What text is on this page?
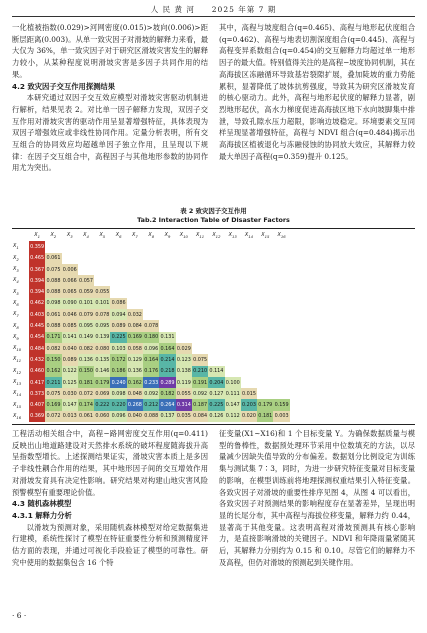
人 民 黄 河 2025 年第 7 期

一化植被指数(0.029)>河网密度(0.015)>坡向(0.006)>距断层距离(0.003)。从单一致灾因子对滑坡的解释力来看，最大仅为 36%，单一致灾因子对于研究区滑坡灾害发生的解释力较小，从某种程度说明滑坡灾害是多因子共同作用的结果。

4.2 致灾因子交互作用探测结果

本研究通过双因子交互效应模型对滑坡灾害驱动机制进行解析，结果见表 2。对比单一因子解释力发现，双因子交互作用对滑坡灾害的驱动作用呈显著增强特征，具体表现为双因子增强效应或非线性协同作用。定量分析表明，所有交互组合的协同效应均超越单因子独立作用，且呈现以下规律：在因子交互组合中，高程因子与其他地形参数的协同作用尤为突出。

其中，高程与坡度组合(q=0.465)、高程与地形起伏度组合(q=0.462)、高程与地表切割深度组合(q=0.445)、高程与高程变异系数组合(q=0.454)的交互解释力均超过单一地形因子的最大值。特别值得关注的是高程−坡度协同机制，其在高海拔区冻融循环导致基岩裂隙扩展，叠加陡坡的重力势能累积，显著降低了坡体抗剪强度，导致其为研究区滑坡发育的核心驱动力。此外，高程与地形起伏度的解释力显著，剧烈地形起伏，高水力梯度促进高海拔区地下水向坡脚集中排泄，导致孔隙水压力超限，影响边坡稳定。环境要素交互同样呈现显著增强特征，高程与 NDVI 组合(q=0.484)揭示出高海拔区植被退化与冻融侵蚀的协同放大效应，其解释力较最大单因子高程(q=0.359)提升 0.125。

表 2 致灾因子交互作用
Tab.2 Interaction Table of Disaster Factors
	$X_1$	$X_2$	$X_3$	$X_4$	$X_5$	$X_6$	$X_7$	$X_8$	$X_9$	$X_{10}$	$X_{11}$	$X_{12}$	$X_{13}$	$X_{14}$	$X_{15}$	$X_{16}$
$X_1$	0.359															
$X_2$	0.465	0.061														
$X_3$	0.367	0.075	0.006													
$X_4$	0.394	0.088	0.066	0.057												
$X_5$	0.394	0.088	0.065	0.059	0.055											
$X_6$	0.462	0.098	0.090	0.101	0.101	0.086										
$X_7$	0.403	0.061	0.046	0.079	0.078	0.094	0.032									
$X_8$	0.445	0.088	0.085	0.095	0.095	0.089	0.084	0.078								
$X_9$	0.454	0.171	0.141	0.149	0.139	0.225	0.169	0.180	0.131							
$X_{10}$	0.484	0.082	0.040	0.082	0.080	0.103	0.058	0.096	0.164	0.029						
$X_{11}$	0.432	0.150	0.089	0.136	0.135	0.172	0.129	0.164	0.214	0.123	0.075					
$X_{12}$	0.460	0.162	0.122	0.150	0.146	0.186	0.136	0.176	0.218	0.138	0.210	0.114				
$X_{13}$	0.417	0.211	0.125	0.181	0.179	0.240	0.162	0.233	0.289	0.119	0.191	0.204	0.100			
$X_{14}$	0.373	0.075	0.030	0.072	0.069	0.098	0.048	0.092	0.182	0.055	0.092	0.127	0.111	0.015		
$X_{15}$	0.407	0.169	0.147	0.174	0.222	0.220	0.268	0.212	0.264	0.314	0.187	0.225	0.147	0.203	0.179	0.159
$X_{16}$	0.369	0.072	0.013	0.061	0.060	0.096	0.040	0.088	0.137	0.035	0.084	0.126	0.112	0.020	0.181	0.003

工程活动相关组合中，高程−路网密度交互作用(q=0.411)反映出山地道路建设对天然排水系统的破坏程度随海拔升高呈指数型增长。上述探测结果证实，滑坡灾害本质上是多因子非线性耦合作用的结果，其中地形因子间的交互增效作用对滑坡发育具有决定性影响。研究结果对构建山地灾害风险预警模型有重要理论价值。

4.3 随机森林模型

4.3.1 解释力分析

以滑坡为预测对象，采用随机森林模型对给定数据集进行建模，系统性探讨了模型在特征重要性分析和预测精度评估方面的表现，并通过可视化手段验证了模型的可靠性。研究中使用的数据集包含 16 个特

征变量(X1~X16)和 1 个目标变量 Y。为确保数据质量与模型的鲁棒性，数据预处理环节采用中位数填充的方法，以尽量减少因缺失值导致的分布偏差。数据划分比例设定为训练集与测试集 7∶3，同时，为进一步研究特征变量对目标变量的影响，在模型训练前将地理探测权重结果引入特征变量。各致灾因子对滑坡的重要性排序见图 4，从图 4 可以看出，各致灾因子对预测结果的影响程度存在显著差异，呈现出明显的长尾分布，其中高程与海拔位移变量，解释力约 0.44，显著高于其他变量。这表明高程对滑坡预测具有核心影响力，是直接影响滑坡的关键因子。NDVI 和年降雨量紧随其后，其解释力分别约为 0.15 和 0.10。尽管它们的解释力不及高程，但仍对滑坡的预测起到关键作用。

· 6 ·
